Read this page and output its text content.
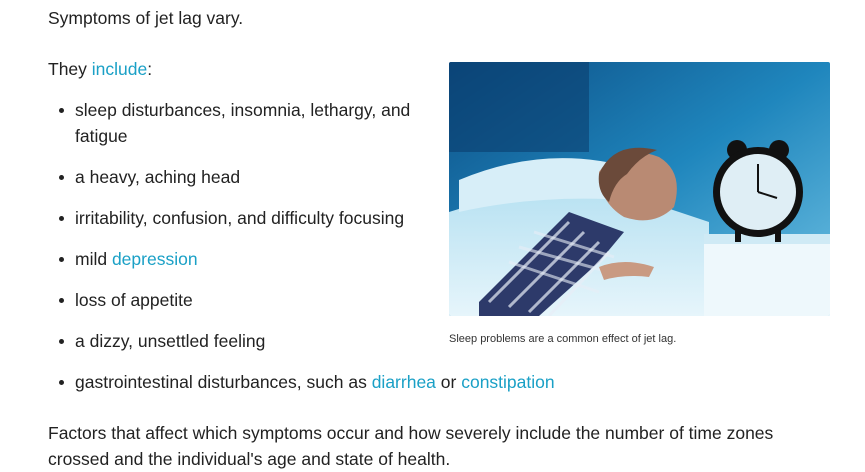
Symptoms of jet lag vary.

They include:

sleep disturbances, insomnia, lethargy, and fatigue
a heavy, aching head
irritability, confusion, and difficulty focusing
mild depression
loss of appetite
a dizzy, unsettled feeling
gastrointestinal disturbances, such as diarrhea or constipation

Sleep problems are a common effect of jet lag.

Factors that affect which symptoms occur and how severely include the number of time zones crossed and the individual's age and state of health.
